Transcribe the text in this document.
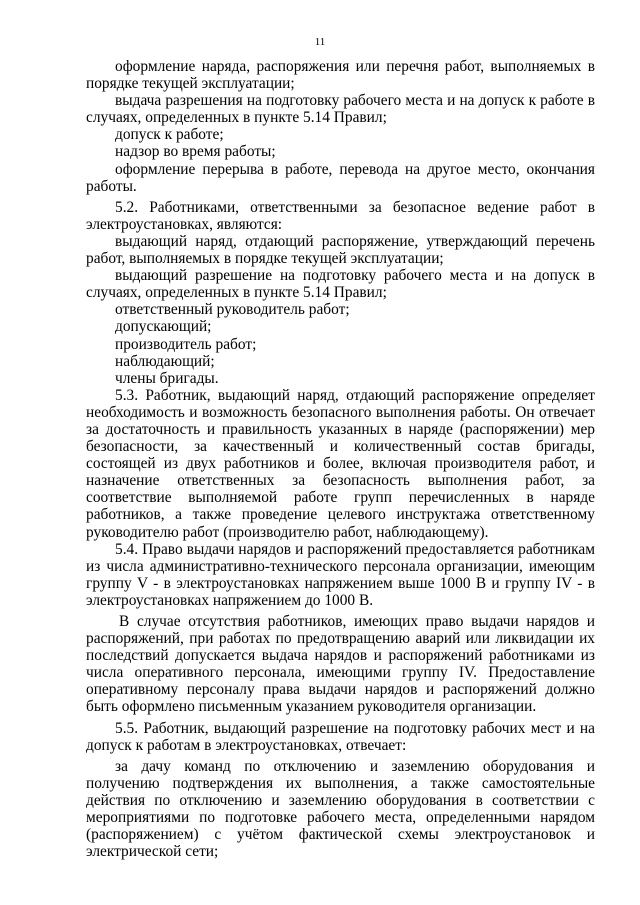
11

оформление наряда, распоряжения или перечня работ, выполняемых в порядке текущей эксплуатации;

выдача разрешения на подготовку рабочего места и на допуск к работе в случаях, определенных в пункте 5.14 Правил;

допуск к работе;

надзор во время работы;

оформление перерыва в работе, перевода на другое место, окончания работы.

5.2. Работниками, ответственными за безопасное ведение работ в электроустановках, являются:

выдающий наряд, отдающий распоряжение, утверждающий перечень работ, выполняемых в порядке текущей эксплуатации;

выдающий разрешение на подготовку рабочего места и на допуск в случаях, определенных в пункте 5.14 Правил;

ответственный руководитель работ;

допускающий;

производитель работ;

наблюдающий;

члены бригады.

5.3. Работник, выдающий наряд, отдающий распоряжение определяет необходимость и возможность безопасного выполнения работы. Он отвечает за достаточность и правильность указанных в наряде (распоряжении) мер безопасности, за качественный и количественный состав бригады, состоящей из двух работников и более, включая производителя работ, и назначение ответственных за безопасность выполнения работ, за соответствие выполняемой работе групп перечисленных в наряде работников, а также проведение целевого инструктажа ответственному руководителю работ (производителю работ, наблюдающему).

5.4. Право выдачи нарядов и распоряжений предоставляется работникам из числа административно-технического персонала организации, имеющим группу V - в электроустановках напряжением выше 1000 В и группу IV - в электроустановках напряжением до 1000 В.

В случае отсутствия работников, имеющих право выдачи нарядов и распоряжений, при работах по предотвращению аварий или ликвидации их последствий допускается выдача нарядов и распоряжений работниками из числа оперативного персонала, имеющими группу IV. Предоставление оперативному персоналу права выдачи нарядов и распоряжений должно быть оформлено письменным указанием руководителя организации.

5.5. Работник, выдающий разрешение на подготовку рабочих мест и на допуск к работам в электроустановках, отвечает:

за дачу команд по отключению и заземлению оборудования и получению подтверждения их выполнения, а также самостоятельные действия по отключению и заземлению оборудования в соответствии с мероприятиями по подготовке рабочего места, определенными нарядом (распоряжением) с учётом фактической схемы электроустановок и электрической сети;
